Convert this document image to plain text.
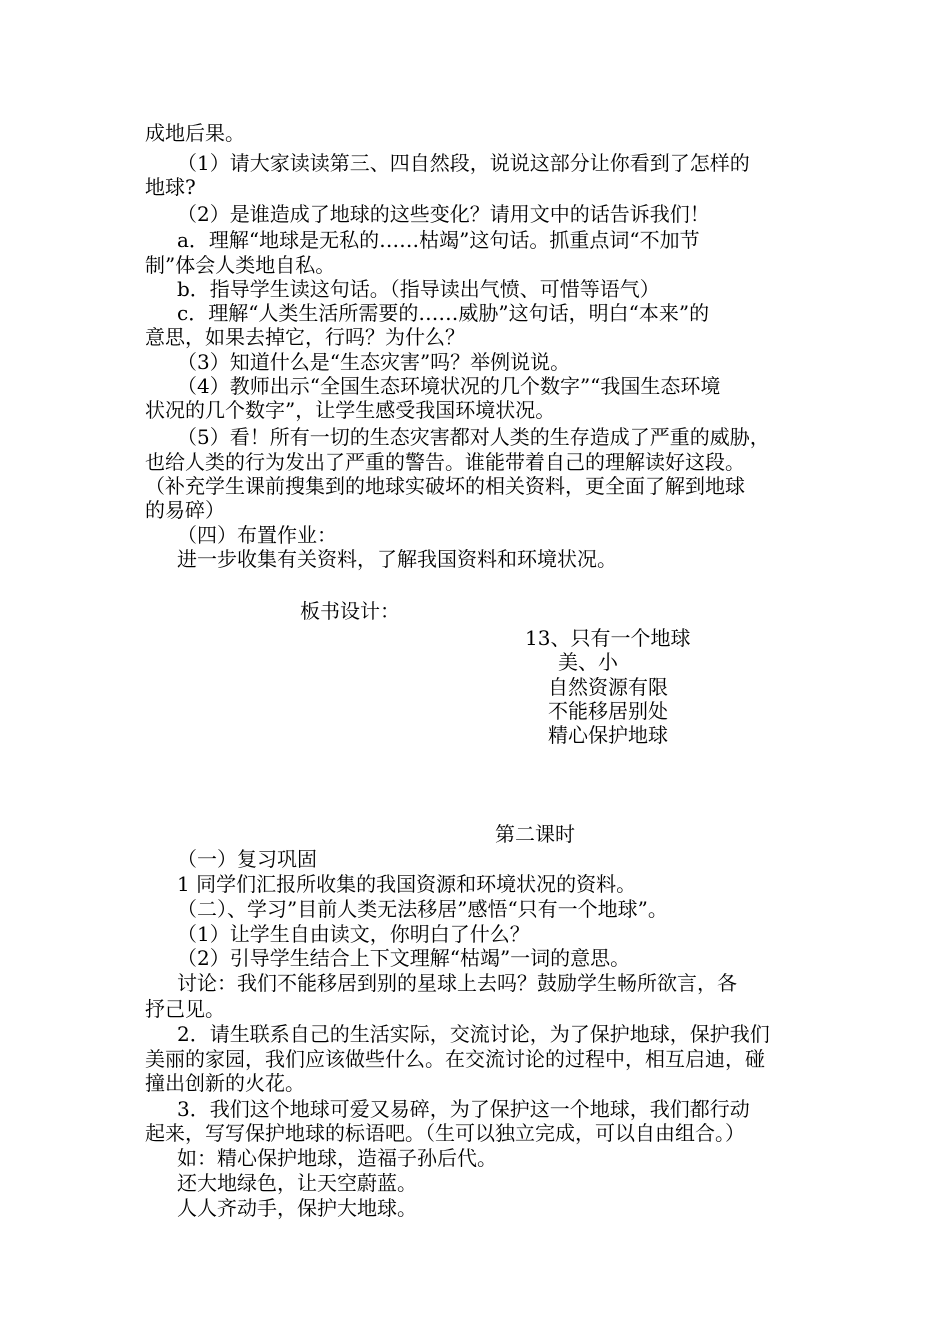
成地后果。
（1）请大家读读第三、四自然段，说说这部分让你看到了怎样的
地球?
（2）是谁造成了地球的这些变化？请用文中的话告诉我们！
a．理解“地球是无私的……枯竭”这句话。抓重点词“不加节
制”体会人类地自私。
b．指导学生读这句话。（指导读出气愤、可惜等语气）
c．理解“人类生活所需要的……威胁”这句话，明白“本来”的
意思，如果去掉它，行吗？为什么？
（3）知道什么是“生态灾害”吗？举例说说。
（4）教师出示“全国生态环境状况的几个数字”“我国生态环境
状况的几个数字”，让学生感受我国环境状况。
（5）看！所有一切的生态灾害都对人类的生存造成了严重的威胁，
也给人类的行为发出了严重的警告。谁能带着自己的理解读好这段。
（补充学生课前搜集到的地球实破坏的相关资料，更全面了解到地球
的易碎）
（四）布置作业：
进一步收集有关资料，了解我国资料和环境状况。
板书设计：
13、只有一个地球
美、小
自然资源有限
不能移居别处
精心保护地球
第二课时
（一）复习巩固
1 同学们汇报所收集的我国资源和环境状况的资料。
（二）、学习”目前人类无法移居”感悟“只有一个地球”。
（1）让学生自由读文，你明白了什么？
（2）引导学生结合上下文理解“枯竭”一词的意思。
讨论：我们不能移居到别的星球上去吗？鼓励学生畅所欲言，各
抒己见。
2．请生联系自己的生活实际，交流讨论，为了保护地球，保护我们
美丽的家园，我们应该做些什么。在交流讨论的过程中，相互启迪，碰
撞出创新的火花。
3．我们这个地球可爱又易碎，为了保护这一个地球，我们都行动
起来，写写保护地球的标语吧。（生可以独立完成，可以自由组合。）
如：精心保护地球，造福子孙后代。
还大地绿色，让天空蔚蓝。
人人齐动手，保护大地球。
